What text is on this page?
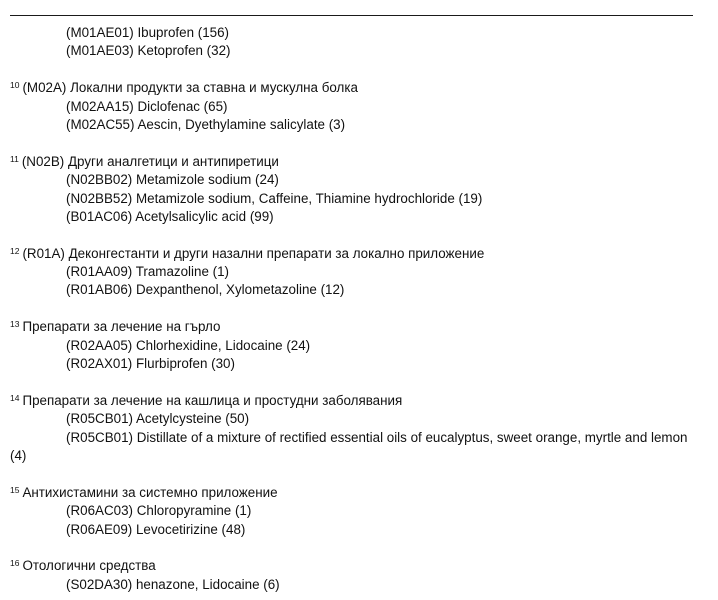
(M01AE01) Ibuprofen (156)
(M01AE03) Ketoprofen (32)
$^{10}$ (M02A) Локални продукти за ставна и мускулна болка
(M02AA15) Diclofenac (65)
(M02AC55) Aescin, Dyethylamine salicylate (3)
$^{11}$ (N02B) Други аналгетици и антипиретици
(N02BB02) Metamizole sodium (24)
(N02BB52) Metamizole sodium, Caffeine, Thiamine hydrochloride (19)
(B01AC06) Acetylsalicylic acid (99)
$^{12}$ (R01A) Деконгестанти и други назални препарати за локално приложение
(R01AA09) Tramazoline (1)
(R01AB06) Dexpanthenol, Xylometazoline (12)
$^{13}$ Препарати за лечение на гърло
(R02AA05) Chlorhexidine, Lidocaine (24)
(R02AX01) Flurbiprofen (30)
$^{14}$ Препарати за лечение на кашлица и простудни заболявания
(R05CB01) Acetylcysteine (50)
(R05CB01) Distillate of a mixture of rectified essential oils of eucalyptus, sweet orange, myrtle and lemon (4)
$^{15}$ Антихистамини за системно приложение
(R06AC03) Chloropyramine (1)
(R06AE09) Levocetirizine (48)
$^{16}$ Отологични средства
(S02DA30) henazone, Lidocaine (6)
